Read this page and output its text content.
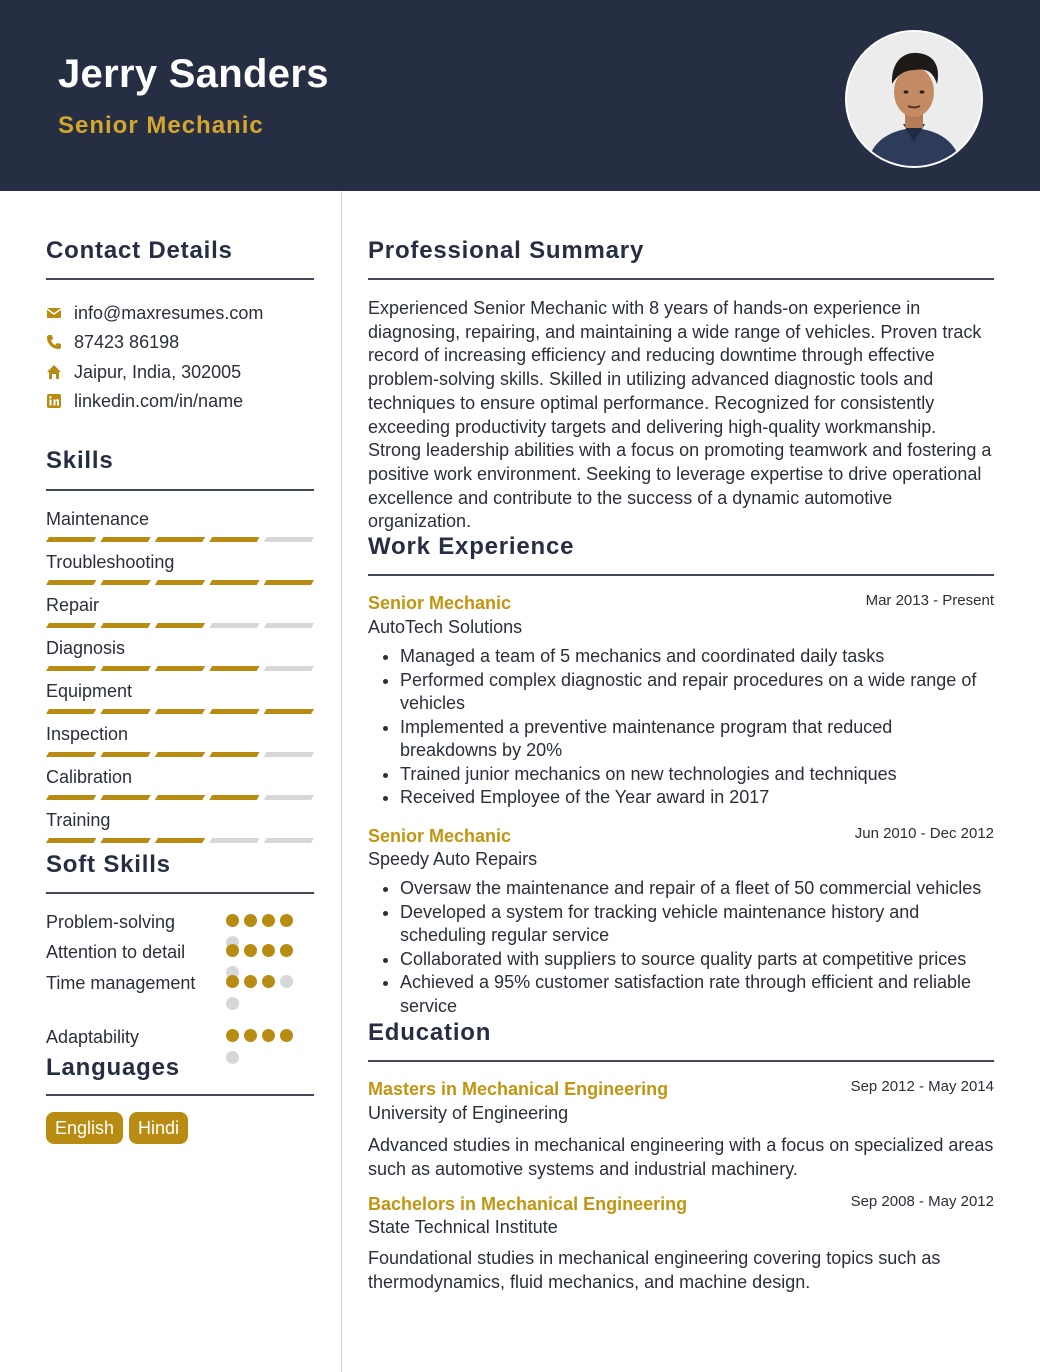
Jerry Sanders
Senior Mechanic
Contact Details
info@maxresumes.com
87423 86198
Jaipur, India, 302005
linkedin.com/in/name
Skills
Maintenance
Troubleshooting
Repair
Diagnosis
Equipment
Inspection
Calibration
Training
Soft Skills
Problem-solving
Attention to detail
Time management
Adaptability
Languages
English	Hindi
Professional Summary
Experienced Senior Mechanic with 8 years of hands-on experience in diagnosing, repairing, and maintaining a wide range of vehicles. Proven track record of increasing efficiency and reducing downtime through effective problem-solving skills. Skilled in utilizing advanced diagnostic tools and techniques to ensure optimal performance. Recognized for consistently exceeding productivity targets and delivering high-quality workmanship. Strong leadership abilities with a focus on promoting teamwork and fostering a positive work environment. Seeking to leverage expertise to drive operational excellence and contribute to the success of a dynamic automotive organization.
Work Experience
Senior Mechanic	Mar 2013 - Present
AutoTech Solutions
• Managed a team of 5 mechanics and coordinated daily tasks
• Performed complex diagnostic and repair procedures on a wide range of vehicles
• Implemented a preventive maintenance program that reduced breakdowns by 20%
• Trained junior mechanics on new technologies and techniques
• Received Employee of the Year award in 2017
Senior Mechanic	Jun 2010 - Dec 2012
Speedy Auto Repairs
• Oversaw the maintenance and repair of a fleet of 50 commercial vehicles
• Developed a system for tracking vehicle maintenance history and scheduling regular service
• Collaborated with suppliers to source quality parts at competitive prices
• Achieved a 95% customer satisfaction rate through efficient and reliable service
Education
Masters in Mechanical Engineering	Sep 2012 - May 2014
University of Engineering
Advanced studies in mechanical engineering with a focus on specialized areas such as automotive systems and industrial machinery.
Bachelors in Mechanical Engineering	Sep 2008 - May 2012
State Technical Institute
Foundational studies in mechanical engineering covering topics such as thermodynamics, fluid mechanics, and machine design.
